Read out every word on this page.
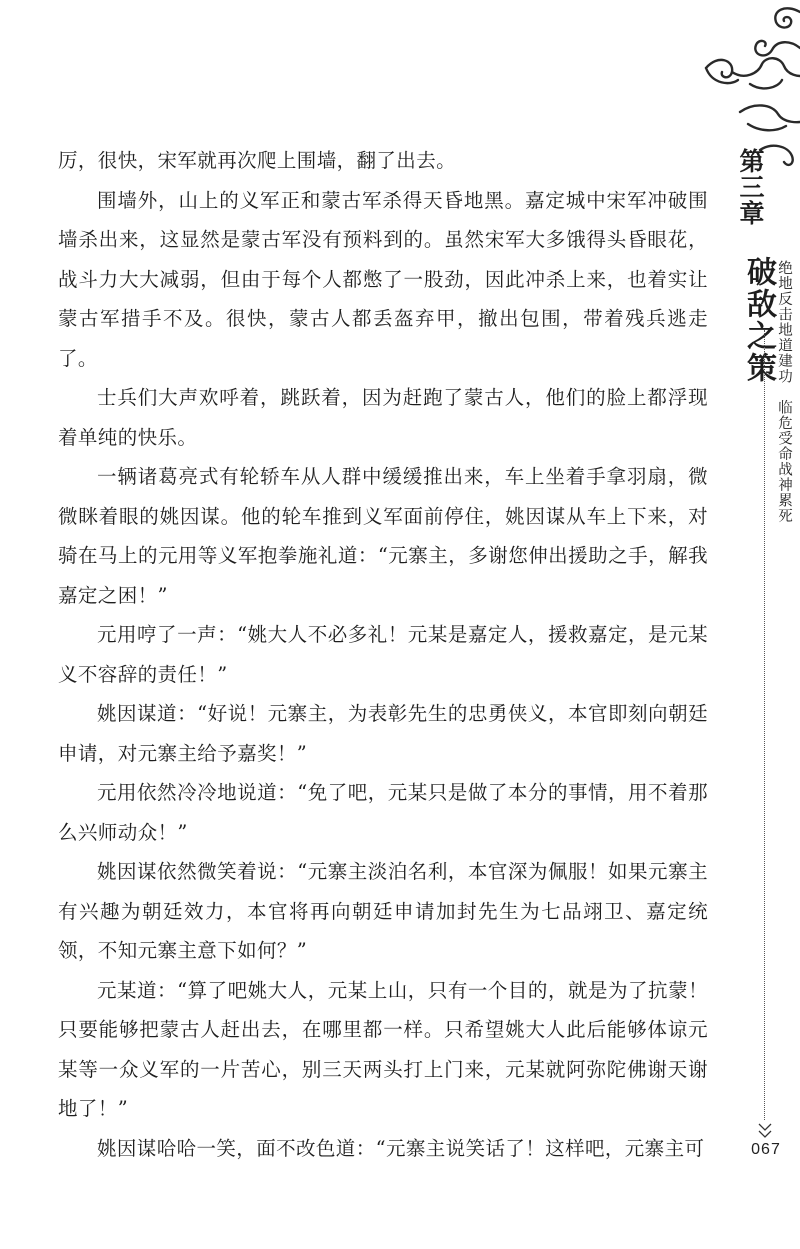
第三章
破敌之策 绝地反击地道建功　临危受命战神累死
067

厉，很快，宋军就再次爬上围墙，翻了出去。

围墙外，山上的义军正和蒙古军杀得天昏地黑。嘉定城中宋军冲破围墙杀出来，这显然是蒙古军没有预料到的。虽然宋军大多饿得头昏眼花，战斗力大大减弱，但由于每个人都憋了一股劲，因此冲杀上来，也着实让蒙古军措手不及。很快，蒙古人都丢盔弃甲，撤出包围，带着残兵逃走了。

士兵们大声欢呼着，跳跃着，因为赶跑了蒙古人，他们的脸上都浮现着单纯的快乐。

一辆诸葛亮式有轮轿车从人群中缓缓推出来，车上坐着手拿羽扇，微微眯着眼的姚因谋。他的轮车推到义军面前停住，姚因谋从车上下来，对骑在马上的元用等义军抱拳施礼道：“元寨主，多谢您伸出援助之手，解我嘉定之困！”

元用哼了一声：“姚大人不必多礼！元某是嘉定人，援救嘉定，是元某义不容辞的责任！”

姚因谋道：“好说！元寨主，为表彰先生的忠勇侠义，本官即刻向朝廷申请，对元寨主给予嘉奖！”

元用依然冷冷地说道：“免了吧，元某只是做了本分的事情，用不着那么兴师动众！”

姚因谋依然微笑着说：“元寨主淡泊名利，本官深为佩服！如果元寨主有兴趣为朝廷效力，本官将再向朝廷申请加封先生为七品翊卫、嘉定统领，不知元寨主意下如何？”

元某道：“算了吧姚大人，元某上山，只有一个目的，就是为了抗蒙！只要能够把蒙古人赶出去，在哪里都一样。只希望姚大人此后能够体谅元某等一众义军的一片苦心，别三天两头打上门来，元某就阿弥陀佛谢天谢地了！”

姚因谋哈哈一笑，面不改色道：“元寨主说笑话了！这样吧，元寨主可
